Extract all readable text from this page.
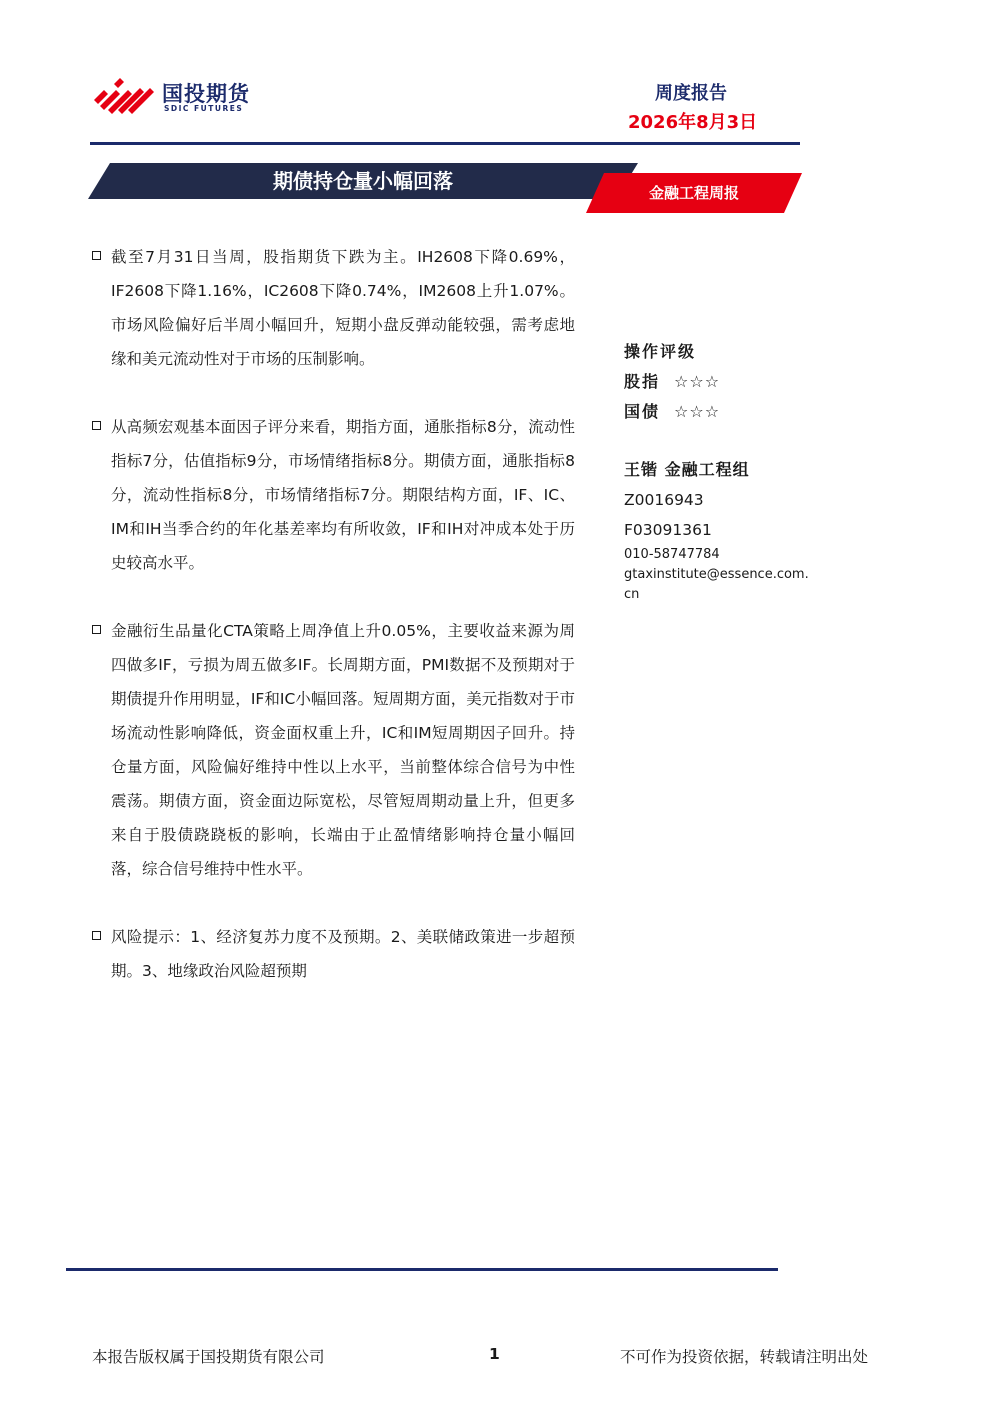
国投期货
SDIC FUTURES
周度报告
2026年8月3日
期债持仓量小幅回落	金融工程周报
截至7月31日当周，股指期货下跌为主。IH2608下降0.69%，IF2608下降1.16%，IC2608下降0.74%，IM2608上升1.07%。市场风险偏好后半周小幅回升，短期小盘反弹动能较强，需考虑地缘和美元流动性对于市场的压制影响。
从高频宏观基本面因子评分来看，期指方面，通胀指标8分，流动性指标7分，估值指标9分，市场情绪指标8分。期债方面，通胀指标8分，流动性指标8分，市场情绪指标7分。期限结构方面，IF、IC、IM和IH当季合约的年化基差率均有所收敛，IF和IH对冲成本处于历史较高水平。
金融衍生品量化CTA策略上周净值上升0.05%，主要收益来源为周四做多IF，亏损为周五做多IF。长周期方面，PMI数据不及预期对于期债提升作用明显，IF和IC小幅回落。短周期方面，美元指数对于市场流动性影响降低，资金面权重上升，IC和IM短周期因子回升。持仓量方面，风险偏好维持中性以上水平，当前整体综合信号为中性震荡。期债方面，资金面边际宽松，尽管短周期动量上升，但更多来自于股债跷跷板的影响，长端由于止盈情绪影响持仓量小幅回落，综合信号维持中性水平。
风险提示：1、经济复苏力度不及预期。2、美联储政策进一步超预期。3、地缘政治风险超预期
操作评级
股指 ☆☆☆
国债 ☆☆☆
王锴 金融工程组
Z0016943
F03091361
010-58747784
gtaxinstitute@essence.com.
cn
本报告版权属于国投期货有限公司	1	不可作为投资依据，转载请注明出处
